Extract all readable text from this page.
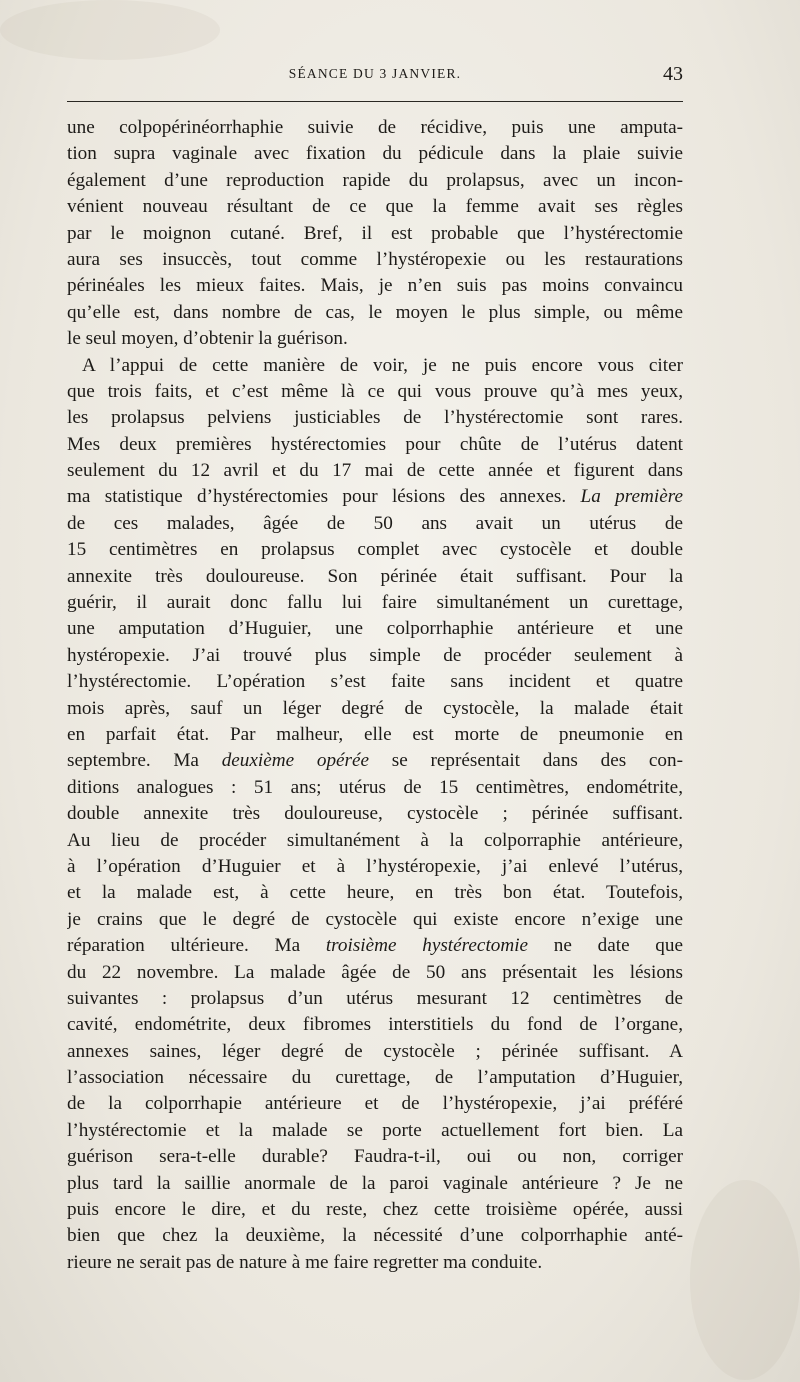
SÉANCE DU 3 JANVIER.	43
une colpopérinéorrhaphie suivie de récidive, puis une amputa-
tion supra vaginale avec fixation du pédicule dans la plaie suivie
également d’une reproduction rapide du prolapsus, avec un incon-
vénient nouveau résultant de ce que la femme avait ses règles
par le moignon cutané. Bref, il est probable que l’hystérectomie
aura ses insuccès, tout comme l’hystéropexie ou les restaurations
périnéales les mieux faites. Mais, je n’en suis pas moins convaincu
qu’elle est, dans nombre de cas, le moyen le plus simple, ou même
le seul moyen, d’obtenir la guérison.
A l’appui de cette manière de voir, je ne puis encore vous citer
que trois faits, et c’est même là ce qui vous prouve qu’à mes yeux,
les prolapsus pelviens justiciables de l’hystérectomie sont rares.
Mes deux premières hystérectomies pour chûte de l’utérus datent
seulement du 12 avril et du 17 mai de cette année et figurent dans
ma statistique d’hystérectomies pour lésions des annexes. La première
de ces malades, âgée de 50 ans avait un utérus de
15 centimètres en prolapsus complet avec cystocèle et double
annexite très douloureuse. Son périnée était suffisant. Pour la
guérir, il aurait donc fallu lui faire simultanément un curettage,
une amputation d’Huguier, une colporrhaphie antérieure et une
hystéropexie. J’ai trouvé plus simple de procéder seulement à
l’hystérectomie. L’opération s’est faite sans incident et quatre
mois après, sauf un léger degré de cystocèle, la malade était
en parfait état. Par malheur, elle est morte de pneumonie en
septembre. Ma deuxième opérée se représentait dans des con-
ditions analogues : 51 ans; utérus de 15 centimètres, endométrite,
double annexite très douloureuse, cystocèle ; périnée suffisant.
Au lieu de procéder simultanément à la colporraphie antérieure,
à l’opération d’Huguier et à l’hystéropexie, j’ai enlevé l’utérus,
et la malade est, à cette heure, en très bon état. Toutefois,
je crains que le degré de cystocèle qui existe encore n’exige une
réparation ultérieure. Ma troisième hystérectomie ne date que
du 22 novembre. La malade âgée de 50 ans présentait les lésions
suivantes : prolapsus d’un utérus mesurant 12 centimètres de
cavité, endométrite, deux fibromes interstitiels du fond de l’organe,
annexes saines, léger degré de cystocèle ; périnée suffisant. A
l’association nécessaire du curettage, de l’amputation d’Huguier,
de la colporrhapie antérieure et de l’hystéropexie, j’ai préféré
l’hystérectomie et la malade se porte actuellement fort bien. La
guérison sera-t-elle durable? Faudra-t-il, oui ou non, corriger
plus tard la saillie anormale de la paroi vaginale antérieure ? Je ne
puis encore le dire, et du reste, chez cette troisième opérée, aussi
bien que chez la deuxième, la nécessité d’une colporrhaphie anté-
rieure ne serait pas de nature à me faire regretter ma conduite.
